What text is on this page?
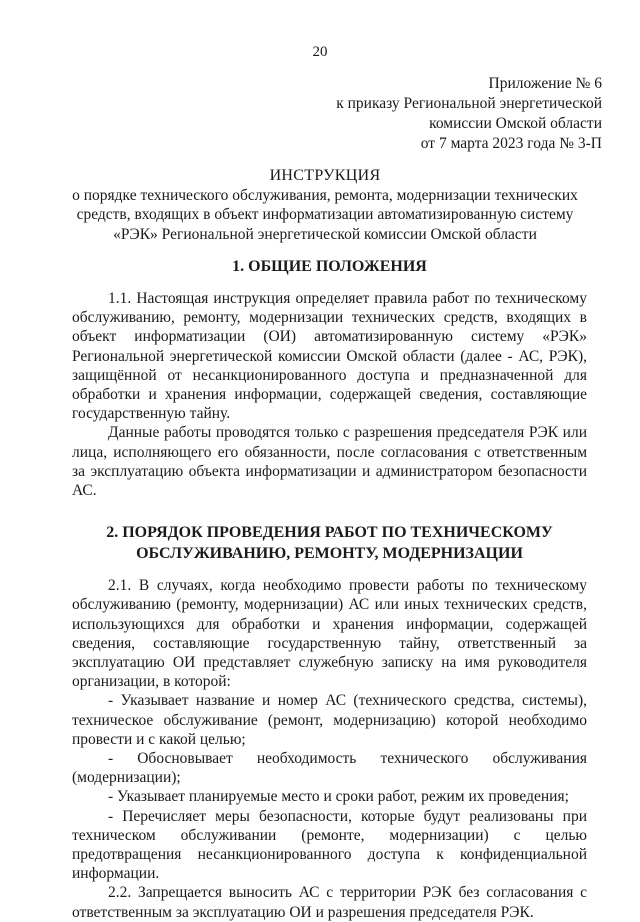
20
Приложение № 6
к приказу Региональной энергетической
комиссии Омской области
от 7 марта 2023 года № 3-П
ИНСТРУКЦИЯ
о порядке технического обслуживания, ремонта, модернизации технических средств, входящих в объект информатизации автоматизированную систему «РЭК» Региональной энергетической комиссии Омской области
1. ОБЩИЕ ПОЛОЖЕНИЯ

1.1. Настоящая инструкция определяет правила работ по техническому обслуживанию, ремонту, модернизации технических средств, входящих в объект информатизации (ОИ) автоматизированную систему «РЭК» Региональной энергетической комиссии Омской области (далее - АС, РЭК), защищённой от несанкционированного доступа и предназначенной для обработки и хранения информации, содержащей сведения, составляющие государственную тайну.

Данные работы проводятся только с разрешения председателя РЭК или лица, исполняющего его обязанности, после согласования с ответственным за эксплуатацию объекта информатизации и администратором безопасности АС.

2. ПОРЯДОК ПРОВЕДЕНИЯ РАБОТ ПО ТЕХНИЧЕСКОМУ ОБСЛУЖИВАНИЮ, РЕМОНТУ, МОДЕРНИЗАЦИИ

2.1. В случаях, когда необходимо провести работы по техническому обслуживанию (ремонту, модернизации) АС или иных технических средств, использующихся для обработки и хранения информации, содержащей сведения, составляющие государственную тайну, ответственный за эксплуатацию ОИ представляет служебную записку на имя руководителя организации, в которой:

- Указывает название и номер АС (технического средства, системы), техническое обслуживание (ремонт, модернизацию) которой необходимо провести и с какой целью;

- Обосновывает необходимость технического обслуживания (модернизации);

- Указывает планируемые место и сроки работ, режим их проведения;

- Перечисляет меры безопасности, которые будут реализованы при техническом обслуживании (ремонте, модернизации) с целью предотвращения несанкционированного доступа к конфиденциальной информации.

2.2. Запрещается выносить АС с территории РЭК без согласования с ответственным за эксплуатацию ОИ и разрешения председателя РЭК.
